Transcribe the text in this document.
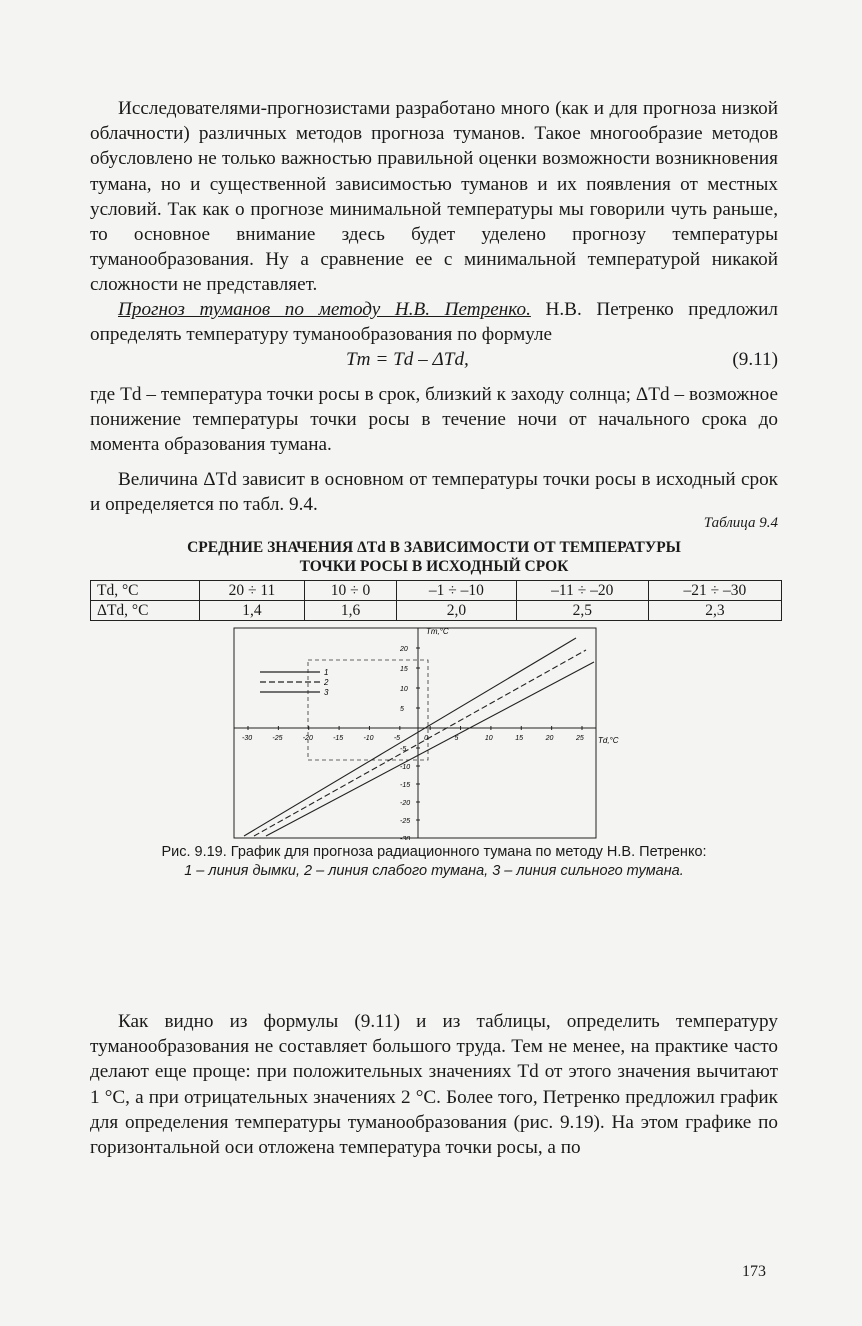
Исследователями-прогнозистами разработано много (как и для прогноза низкой облачности) различных методов прогноза туманов. Такое многообразие методов обусловлено не только важностью правильной оценки возможности возникновения тумана, но и существенной зависимостью туманов и их появления от местных условий. Так как о прогнозе минимальной температуры мы говорили чуть раньше, то основное внимание здесь будет уделено прогнозу температуры туманообразования. Ну а сравнение ее с минимальной температурой никакой сложности не представляет.

Прогноз туманов по методу Н.В. Петренко. Н.В. Петренко предложил определять температуру туманообразования по формуле

Tт = Td – ΔTd,	(9.11)

где Td – температура точки росы в срок, близкий к заходу солнца; ΔTd – возможное понижение температуры точки росы в течение ночи от начального срока до момента образования тумана.

Величина ΔTd зависит в основном от температуры точки росы в исходный срок и определяется по табл. 9.4.

Таблица 9.4
СРЕДНИЕ ЗНАЧЕНИЯ ΔTd В ЗАВИСИМОСТИ ОТ ТЕМПЕРАТУРЫ
ТОЧКИ РОСЫ В ИСХОДНЫЙ СРОК
Td, °C	20 ÷ 11	10 ÷ 0	–1 ÷ –10	–11 ÷ –20	–21 ÷ –30
ΔTd, °C	1,4	1,6	2,0	2,5	2,3
1
2
3
Tт,°C
Td,°C
-30	-25	-20	-15	-10	-5	0	5	10	15	20	25
20
15
10
5
-5
-10
-15
-20
-25
-30
Рис. 9.19. График для прогноза радиационного тумана по методу Н.В. Петренко:
1 – линия дымки, 2 – линия слабого тумана, 3 – линия сильного тумана.

Как видно из формулы (9.11) и из таблицы, определить температуру туманообразования не составляет большого труда. Тем не менее, на практике часто делают еще проще: при положительных значениях Td от этого значения вычитают 1 °C, а при отрицательных значениях 2 °C. Более того, Петренко предложил график для определения температуры туманообразования (рис. 9.19). На этом графике по горизонтальной оси отложена температура точки росы, а по

173
